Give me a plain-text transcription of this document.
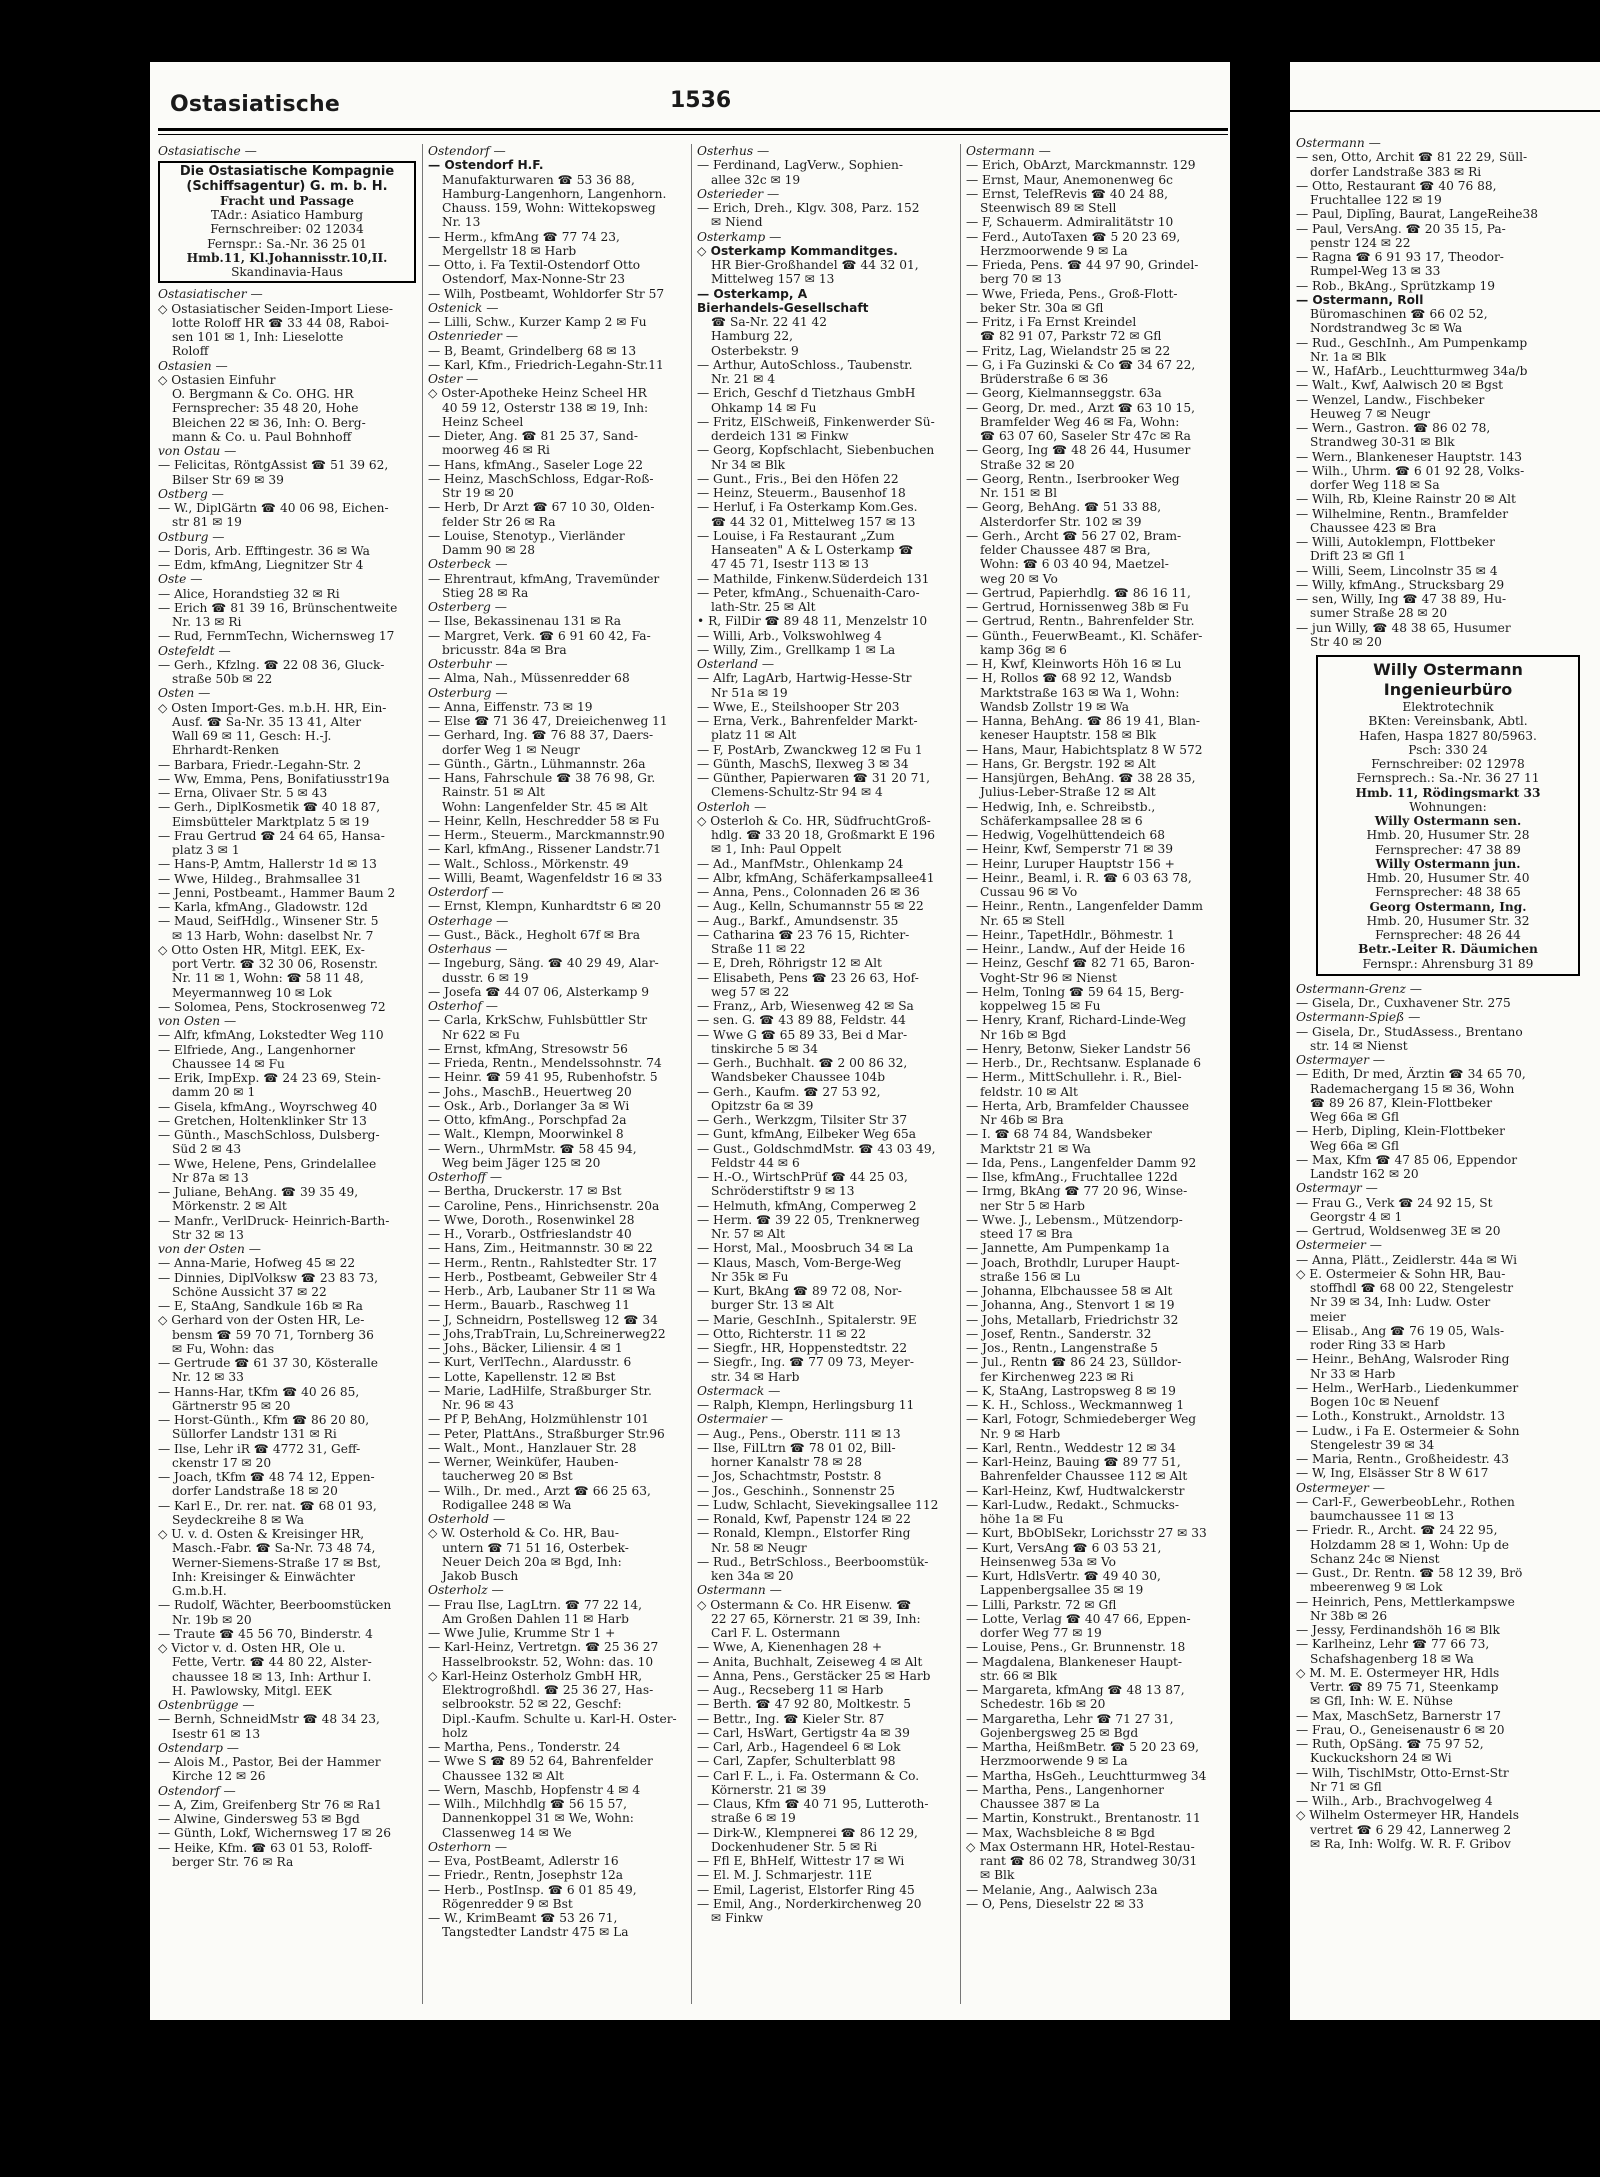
Ostasiatische	1536
Ostasiatische —
Die Ostasiatische Kompagnie
(Schiffsagentur) G. m. b. H.
Fracht und Passage
TAdr.: Asiatico Hamburg
Fernschreiber: 02 12034
Fernspr.: Sa.-Nr. 36 25 01
Hmb.11, Kl.Johannisstr.10,II.
Skandinavia-Haus
Ostasiatischer —
◇ Ostasiatischer Seiden-Import Liese-
lotte Roloff HR ☎ 33 44 08, Raboi-
sen 101 ✉ 1, Inh: Lieselotte
Roloff
Ostasien —
◇ Ostasien Einfuhr
O. Bergmann & Co. OHG. HR
Fernsprecher: 35 48 20, Hohe
Bleichen 22 ✉ 36, Inh: O. Berg-
mann & Co. u. Paul Bohnhoff
von Ostau —
— Felicitas, RöntgAssist ☎ 51 39 62,
Bilser Str 69 ✉ 39
Ostberg —
— W., DiplGärtn ☎ 40 06 98, Eichen-
str 81 ✉ 19
Ostburg —
— Doris, Arb. Efftingestr. 36 ✉ Wa
— Edm, kfmAng, Liegnitzer Str 4
Oste —
— Alice, Horandstieg 32 ✉ Ri
— Erich ☎ 81 39 16, Brünschentweite
Nr. 13 ✉ Ri
— Rud, FernmTechn, Wichernsweg 17
Ostefeldt —
— Gerh., Kfzlng. ☎ 22 08 36, Gluck-
straße 50b ✉ 22
Osten —
◇ Osten Import-Ges. m.b.H. HR, Ein-
Ausf. ☎ Sa-Nr. 35 13 41, Alter
Wall 69 ✉ 11, Gesch: H.-J.
Ehrhardt-Renken
— Barbara, Friedr.-Legahn-Str. 2
— Ww, Emma, Pens, Bonifatiusstr19a
— Erna, Olivaer Str. 5 ✉ 43
— Gerh., DiplKosmetik ☎ 40 18 87,
Eimsbütteler Marktplatz 5 ✉ 19
— Frau Gertrud ☎ 24 64 65, Hansa-
platz 3 ✉ 1
— Hans-P, Amtm, Hallerstr 1d ✉ 13
— Wwe, Hildeg., Brahmsallee 31
— Jenni, Postbeamt., Hammer Baum 2
— Karla, kfmAng., Gladowstr. 12d
— Maud, SeifHdlg., Winsener Str. 5
✉ 13 Harb, Wohn: daselbst Nr. 7
◇ Otto Osten HR, Mitgl. EEK, Ex-
port Vertr. ☎ 32 30 06, Rosenstr.
Nr. 11 ✉ 1, Wohn: ☎ 58 11 48,
Meyermannweg 10 ✉ Lok
— Solomea, Pens, Stockrosenweg 72
von Osten —
— Alfr, kfmAng, Lokstedter Weg 110
— Elfriede, Ang., Langenhorner
Chaussee 14 ✉ Fu
— Erik, ImpExp. ☎ 24 23 69, Stein-
damm 20 ✉ 1
— Gisela, kfmAng., Woyrschweg 40
— Gretchen, Holtenklinker Str 13
— Günth., MaschSchloss, Dulsberg-
Süd 2 ✉ 43
— Wwe, Helene, Pens, Grindelallee
Nr 87a ✉ 13
— Juliane, BehAng. ☎ 39 35 49,
Mörkenstr. 2 ✉ Alt
— Manfr., VerlDruck- Heinrich-Barth-
Str 32 ✉ 13
von der Osten —
— Anna-Marie, Hofweg 45 ✉ 22
— Dinnies, DiplVolksw ☎ 23 83 73,
Schöne Aussicht 37 ✉ 22
— E, StaAng, Sandkule 16b ✉ Ra
◇ Gerhard von der Osten HR, Le-
bensm ☎ 59 70 71, Tornberg 36
✉ Fu, Wohn: das
— Gertrude ☎ 61 37 30, Kösteralle
Nr. 12 ✉ 33
— Hanns-Har, tKfm ☎ 40 26 85,
Gärtnerstr 95 ✉ 20
— Horst-Günth., Kfm ☎ 86 20 80,
Süllorfer Landstr 131 ✉ Ri
— Ilse, Lehr iR ☎ 4772 31, Geff-
ckenstr 17 ✉ 20
— Joach, tKfm ☎ 48 74 12, Eppen-
dorfer Landstraße 18 ✉ 20
— Karl E., Dr. rer. nat. ☎ 68 01 93,
Seydeckreihe 8 ✉ Wa
◇ U. v. d. Osten & Kreisinger HR,
Masch.-Fabr. ☎ Sa-Nr. 73 48 74,
Werner-Siemens-Straße 17 ✉ Bst,
Inh: Kreisinger & Einwächter
G.m.b.H.
— Rudolf, Wächter, Beerboomstücken
Nr. 19b ✉ 20
— Traute ☎ 45 56 70, Binderstr. 4
◇ Victor v. d. Osten HR, Ole u.
Fette, Vertr. ☎ 44 80 22, Alster-
chaussee 18 ✉ 13, Inh: Arthur I.
H. Pawlowsky, Mitgl. EEK
Ostenbrügge —
— Bernh, SchneidMstr ☎ 48 34 23,
Isestr 61 ✉ 13
Ostendarp —
— Alois M., Pastor, Bei der Hammer
Kirche 12 ✉ 26
Ostendorf —
— A, Zim, Greifenberg Str 76 ✉ Ra1
— Alwine, Gindersweg 53 ✉ Bgd
— Günth, Lokf, Wichernsweg 17 ✉ 26
— Heike, Kfm. ☎ 63 01 53, Roloff-
berger Str. 76 ✉ Ra
Ostendorf —
— Ostendorf H.F.
Manufakturwaren ☎ 53 36 88,
Hamburg-Langenhorn, Langenhorn.
Chauss. 159, Wohn: Wittekopsweg
Nr. 13
— Herm., kfmAng ☎ 77 74 23,
Mergellstr 18 ✉ Harb
— Otto, i. Fa Textil-Ostendorf Otto
Ostendorf, Max-Nonne-Str 23
— Wilh, Postbeamt, Wohldorfer Str 57
Ostenick —
— Lilli, Schw., Kurzer Kamp 2 ✉ Fu
Ostenrieder —
— B, Beamt, Grindelberg 68 ✉ 13
— Karl, Kfm., Friedrich-Legahn-Str.11
Oster —
◇ Oster-Apotheke Heinz Scheel HR
40 59 12, Osterstr 138 ✉ 19, Inh:
Heinz Scheel
— Dieter, Ang. ☎ 81 25 37, Sand-
moorweg 46 ✉ Ri
— Hans, kfmAng., Saseler Loge 22
— Heinz, MaschSchloss, Edgar-Roß-
Str 19 ✉ 20
— Herb, Dr Arzt ☎ 67 10 30, Olden-
felder Str 26 ✉ Ra
— Louise, Stenotyp., Vierländer
Damm 90 ✉ 28
Osterbeck —
— Ehrentraut, kfmAng, Travemünder
Stieg 28 ✉ Ra
Osterberg —
— Ilse, Bekassinenau 131 ✉ Ra
— Margret, Verk. ☎ 6 91 60 42, Fa-
bricusstr. 84a ✉ Bra
Osterbuhr —
— Alma, Nah., Müssenredder 68
Osterburg —
— Anna, Eiffenstr. 73 ✉ 19
— Else ☎ 71 36 47, Dreieichenweg 11
— Gerhard, Ing. ☎ 76 88 37, Daers-
dorfer Weg 1 ✉ Neugr
— Günth., Gärtn., Lühmannstr. 26a
— Hans, Fahrschule ☎ 38 76 98, Gr.
Rainstr. 51 ✉ Alt
Wohn: Langenfelder Str. 45 ✉ Alt
— Heinr, Kelln, Heschredder 58 ✉ Fu
— Herm., Steuerm., Marckmannstr.90
— Karl, kfmAng., Rissener Landstr.71
— Walt., Schloss., Mörkenstr. 49
— Willi, Beamt, Wagenfeldstr 16 ✉ 33
Osterdorf —
— Ernst, Klempn, Kunhardtstr 6 ✉ 20
Osterhage —
— Gust., Bäck., Hegholt 67f ✉ Bra
Osterhaus —
— Ingeburg, Säng. ☎ 40 29 49, Alar-
dusstr. 6 ✉ 19
— Josefa ☎ 44 07 06, Alsterkamp 9
Osterhof —
— Carla, KrkSchw, Fuhlsbüttler Str
Nr 622 ✉ Fu
— Ernst, kfmAng, Stresowstr 56
— Frieda, Rentn., Mendelssohnstr. 74
— Heinr. ☎ 59 41 95, Rubenhofstr. 5
— Johs., MaschB., Heuertweg 20
— Osk., Arb., Dorlanger 3a ✉ Wi
— Otto, kfmAng., Porschpfad 2a
— Walt., Klempn, Moorwinkel 8
— Wern., UhrmMstr. ☎ 58 45 94,
Weg beim Jäger 125 ✉ 20
Osterhoff —
— Bertha, Druckerstr. 17 ✉ Bst
— Caroline, Pens., Hinrichsenstr. 20a
— Wwe, Doroth., Rosenwinkel 28
— H., Vorarb., Ostfrieslandstr 40
— Hans, Zim., Heitmannstr. 30 ✉ 22
— Herm., Rentn., Rahlstedter Str. 17
— Herb., Postbeamt, Gebweiler Str 4
— Herb., Arb, Laubaner Str 11 ✉ Wa
— Herm., Bauarb., Raschweg 11
— J, Schneidrn, Postellsweg 12 ☎ 34
— Johs,TrabTrain, Lu,Schreinerweg22
— Johs., Bäcker, Liliensir. 4 ✉ 1
— Kurt, VerlTechn., Alardusstr. 6
— Lotte, Kapellenstr. 12 ✉ Bst
— Marie, LadHilfe, Straßburger Str.
Nr. 96 ✉ 43
— Pf P, BehAng, Holzmühlenstr 101
— Peter, PlattAns., Straßburger Str.96
— Walt., Mont., Hanzlauer Str. 28
— Werner, Weinküfer, Hauben-
taucherweg 20 ✉ Bst
— Wilh., Dr. med., Arzt ☎ 66 25 63,
Rodigallee 248 ✉ Wa
Osterhold —
◇ W. Osterhold & Co. HR, Bau-
untern ☎ 71 51 16, Osterbek-
Neuer Deich 20a ✉ Bgd, Inh:
Jakob Busch
Osterholz —
— Frau Ilse, LagLtrn. ☎ 77 22 14,
Am Großen Dahlen 11 ✉ Harb
— Wwe Julie, Krumme Str 1 +
— Karl-Heinz, Vertretgn. ☎ 25 36 27
Hasselbrookstr. 52, Wohn: das. 10
◇ Karl-Heinz Osterholz GmbH HR,
Elektrogroßhdl. ☎ 25 36 27, Has-
selbrookstr. 52 ✉ 22, Geschf:
Dipl.-Kaufm. Schulte u. Karl-H. Oster-
holz
— Martha, Pens., Tonderstr. 24
— Wwe S ☎ 89 52 64, Bahrenfelder
Chaussee 132 ✉ Alt
— Wern, Maschb, Hopfenstr 4 ✉ 4
— Wilh., Milchhdlg ☎ 56 15 57,
Dannenkoppel 31 ✉ We, Wohn:
Classenweg 14 ✉ We
Osterhorn —
— Eva, PostBeamt, Adlerstr 16
— Friedr., Rentn, Josephstr 12a
— Herb., PostInsp. ☎ 6 01 85 49,
Rögenredder 9 ✉ Bst
— W., KrimBeamt ☎ 53 26 71,
Tangstedter Landstr 475 ✉ La
Osterhus —
— Ferdinand, LagVerw., Sophien-
allee 32c ✉ 19
Osterieder —
— Erich, Dreh., Klgv. 308, Parz. 152
✉ Niend
Osterkamp —
◇ Osterkamp Kommanditges.
HR Bier-Großhandel ☎ 44 32 01,
Mittelweg 157 ✉ 13
— Osterkamp, A
Bierhandels-Gesellschaft
☎ Sa-Nr. 22 41 42
Hamburg 22,
Osterbekstr. 9
— Arthur, AutoSchloss., Taubenstr.
Nr. 21 ✉ 4
— Erich, Geschf d Tietzhaus GmbH
Ohkamp 14 ✉ Fu
— Fritz, ElSchweiß, Finkenwerder Sü-
derdeich 131 ✉ Finkw
— Georg, Kopfschlacht, Siebenbuchen
Nr 34 ✉ Blk
— Gunt., Fris., Bei den Höfen 22
— Heinz, Steuerm., Bausenhof 18
— Herluf, i Fa Osterkamp Kom.Ges.
☎ 44 32 01, Mittelweg 157 ✉ 13
— Louise, i Fa Restaurant „Zum
Hanseaten" A & L Osterkamp ☎
47 45 71, Isestr 113 ✉ 13
— Mathilde, Finkenw.Süderdeich 131
— Peter, kfmAng., Schuenaith-Caro-
lath-Str. 25 ✉ Alt
• R, FilDir ☎ 89 48 11, Menzelstr 10
— Willi, Arb., Volkswohlweg 4
— Willy, Zim., Grellkamp 1 ✉ La
Osterland —
— Alfr, LagArb, Hartwig-Hesse-Str
Nr 51a ✉ 19
— Wwe, E., Steilshooper Str 203
— Erna, Verk., Bahrenfelder Markt-
platz 11 ✉ Alt
— F, PostArb, Zwanckweg 12 ✉ Fu 1
— Günth, MaschS, Ilexweg 3 ✉ 34
— Günther, Papierwaren ☎ 31 20 71,
Clemens-Schultz-Str 94 ✉ 4
Osterloh —
◇ Osterloh & Co. HR, SüdfruchtGroß-
hdlg. ☎ 33 20 18, Großmarkt E 196
✉ 1, Inh: Paul Oppelt
— Ad., ManfMstr., Ohlenkamp 24
— Albr, kfmAng, Schäferkampsallee41
— Anna, Pens., Colonnaden 26 ✉ 36
— Aug., Kelln, Schumannstr 55 ✉ 22
— Aug., Barkf., Amundsenstr. 35
— Catharina ☎ 23 76 15, Richter-
Straße 11 ✉ 22
— E, Dreh, Röhrigstr 12 ✉ Alt
— Elisabeth, Pens ☎ 23 26 63, Hof-
weg 57 ✉ 22
— Franz,, Arb, Wiesenweg 42 ✉ Sa
— sen. G. ☎ 43 89 88, Feldstr. 44
— Wwe G ☎ 65 89 33, Bei d Mar-
tinskirche 5 ✉ 34
— Gerh., Buchhalt. ☎ 2 00 86 32,
Wandsbeker Chaussee 104b
— Gerh., Kaufm. ☎ 27 53 92,
Opitzstr 6a ✉ 39
— Gerh., Werkzgm, Tilsiter Str 37
— Gunt, kfmAng, Eilbeker Weg 65a
— Gust., GoldschmdMstr. ☎ 43 03 49,
Feldstr 44 ✉ 6
— H.-O., WirtschPrüf ☎ 44 25 03,
Schröderstiftstr 9 ✉ 13
— Helmuth, kfmAng, Comperweg 2
— Herm. ☎ 39 22 05, Trenknerweg
Nr. 57 ✉ Alt
— Horst, Mal., Moosbruch 34 ✉ La
— Klaus, Masch, Vom-Berge-Weg
Nr 35k ✉ Fu
— Kurt, BkAng ☎ 89 72 08, Nor-
burger Str. 13 ✉ Alt
— Marie, GeschInh., Spitalerstr. 9E
— Otto, Richterstr. 11 ✉ 22
— Siegfr., HR, Hoppenstedtstr. 22
— Siegfr., Ing. ☎ 77 09 73, Meyer-
str. 34 ✉ Harb
Ostermack —
— Ralph, Klempn, Herlingsburg 11
Ostermaier —
— Aug., Pens., Oberstr. 111 ✉ 13
— Ilse, FilLtrn ☎ 78 01 02, Bill-
horner Kanalstr 78 ✉ 28
— Jos, Schachtmstr, Poststr. 8
— Jos., Geschinh., Sonnenstr 25
— Ludw, Schlacht, Sievekingsallee 112
— Ronald, Kwf, Papenstr 124 ✉ 22
— Ronald, Klempn., Elstorfer Ring
Nr. 58 ✉ Neugr
— Rud., BetrSchloss., Beerboomstük-
ken 34a ✉ 20
Ostermann —
◇ Ostermann & Co. HR Eisenw. ☎
22 27 65, Körnerstr. 21 ✉ 39, Inh:
Carl F. L. Ostermann
— Wwe, A, Kienenhagen 28 +
— Anita, Buchhalt, Zeiseweg 4 ✉ Alt
— Anna, Pens., Gerstäcker 25 ✉ Harb
— Aug., Recseberg 11 ✉ Harb
— Berth. ☎ 47 92 80, Moltkestr. 5
— Bettr., Ing. ☎ Kieler Str. 87
— Carl, HsWart, Gertigstr 4a ✉ 39
— Carl, Arb., Hagendeel 6 ✉ Lok
— Carl, Zapfer, Schulterblatt 98
— Carl F. L., i. Fa. Ostermann & Co.
Körnerstr. 21 ✉ 39
— Claus, Kfm ☎ 40 71 95, Lutteroth-
straße 6 ✉ 19
— Dirk-W., Klempnerei ☎ 86 12 29,
Dockenhudener Str. 5 ✉ Ri
— Ffl E, BhHelf, Wittestr 17 ✉ Wi
— El. M. J. Schmarjestr. 11E
— Emil, Lagerist, Elstorfer Ring 45
— Emil, Ang., Norderkirchenweg 20
✉ Finkw
Ostermann —
— Erich, ObArzt, Marckmannstr. 129
— Ernst, Maur, Anemonenweg 6c
— Ernst, TelefRevis ☎ 40 24 88,
Steenwisch 89 ✉ Stell
— F, Schauerm. Admiralitätstr 10
— Ferd., AutoTaxen ☎ 5 20 23 69,
Herzmoorwende 9 ✉ La
— Frieda, Pens. ☎ 44 97 90, Grindel-
berg 70 ✉ 13
— Wwe, Frieda, Pens., Groß-Flott-
beker Str. 30a ✉ Gfl
— Fritz, i Fa Ernst Kreindel
☎ 82 91 07, Parkstr 72 ✉ Gfl
— Fritz, Lag, Wielandstr 25 ✉ 22
— G, i Fa Guzinski & Co ☎ 34 67 22,
Brüderstraße 6 ✉ 36
— Georg, Kielmannseggstr. 63a
— Georg, Dr. med., Arzt ☎ 63 10 15,
Bramfelder Weg 46 ✉ Fa, Wohn:
☎ 63 07 60, Saseler Str 47c ✉ Ra
— Georg, Ing ☎ 48 26 44, Husumer
Straße 32 ✉ 20
— Georg, Rentn., Iserbrooker Weg
Nr. 151 ✉ Bl
— Georg, BehAng. ☎ 51 33 88,
Alsterdorfer Str. 102 ✉ 39
— Gerh., Archt ☎ 56 27 02, Bram-
felder Chaussee 487 ✉ Bra,
Wohn: ☎ 6 03 40 94, Maetzel-
weg 20 ✉ Vo
— Gertrud, Papierhdlg. ☎ 86 16 11,
— Gertrud, Hornissenweg 38b ✉ Fu
— Gertrud, Rentn., Bahrenfelder Str.
— Günth., FeuerwBeamt., Kl. Schäfer-
kamp 36g ✉ 6
— H, Kwf, Kleinworts Höh 16 ✉ Lu
— H, Rollos ☎ 68 92 12, Wandsb
Marktstraße 163 ✉ Wa 1, Wohn:
Wandsb Zollstr 19 ✉ Wa
— Hanna, BehAng. ☎ 86 19 41, Blan-
keneser Hauptstr. 158 ✉ Blk
— Hans, Maur, Habichtsplatz 8 W 572
— Hans, Gr. Bergstr. 192 ✉ Alt
— Hansjürgen, BehAng. ☎ 38 28 35,
Julius-Leber-Straße 12 ✉ Alt
— Hedwig, Inh, e. Schreibstb.,
Schäferkampsallee 28 ✉ 6
— Hedwig, Vogelhüttendeich 68
— Heinr, Kwf, Semperstr 71 ✉ 39
— Heinr, Luruper Hauptstr 156 +
— Heinr., Beaml, i. R. ☎ 6 03 63 78,
Cussau 96 ✉ Vo
— Heinr., Rentn., Langenfelder Damm
Nr. 65 ✉ Stell
— Heinr., TapetHdlr., Böhmestr. 1
— Heinr., Landw., Auf der Heide 16
— Heinz, Geschf ☎ 82 71 65, Baron-
Voght-Str 96 ✉ Nienst
— Helm, Tonlng ☎ 59 64 15, Berg-
koppelweg 15 ✉ Fu
— Henry, Kranf, Richard-Linde-Weg
Nr 16b ✉ Bgd
— Henry, Betonw, Sieker Landstr 56
— Herb., Dr., Rechtsanw. Esplanade 6
— Herm., MittSchullehr. i. R., Biel-
feldstr. 10 ✉ Alt
— Herta, Arb, Bramfelder Chaussee
Nr 46b ✉ Bra
— I. ☎ 68 74 84, Wandsbeker
Marktstr 21 ✉ Wa
— Ida, Pens., Langenfelder Damm 92
— Ilse, kfmAng., Fruchtallee 122d
— Irmg, BkAng ☎ 77 20 96, Winse-
ner Str 5 ✉ Harb
— Wwe. J., Lebensm., Mützendorp-
steed 17 ✉ Bra
— Jannette, Am Pumpenkamp 1a
— Joach, Brothdlr, Luruper Haupt-
straße 156 ✉ Lu
— Johanna, Elbchaussee 58 ✉ Alt
— Johanna, Ang., Stenvort 1 ✉ 19
— Johs, Metallarb, Friedrichstr 32
— Josef, Rentn., Sanderstr. 32
— Jos., Rentn., Langenstraße 5
— Jul., Rentn ☎ 86 24 23, Sülldor-
fer Kirchenweg 223 ✉ Ri
— K, StaAng, Lastropsweg 8 ✉ 19
— K. H., Schloss., Weckmannweg 1
— Karl, Fotogr, Schmiedeberger Weg
Nr. 9 ✉ Harb
— Karl, Rentn., Weddestr 12 ✉ 34
— Karl-Heinz, Bauing ☎ 89 77 51,
Bahrenfelder Chaussee 112 ✉ Alt
— Karl-Heinz, Kwf, Hudtwalckerstr
— Karl-Ludw., Redakt., Schmucks-
höhe 1a ✉ Fu
— Kurt, BbOblSekr, Lorichsstr 27 ✉ 33
— Kurt, VersAng ☎ 6 03 53 21,
Heinsenweg 53a ✉ Vo
— Kurt, HdlsVertr. ☎ 49 40 30,
Lappenbergsallee 35 ✉ 19
— Lilli, Parkstr. 72 ✉ Gfl
— Lotte, Verlag ☎ 40 47 66, Eppen-
dorfer Weg 77 ✉ 19
— Louise, Pens., Gr. Brunnenstr. 18
— Magdalena, Blankeneser Haupt-
str. 66 ✉ Blk
— Margareta, kfmAng ☎ 48 13 87,
Schedestr. 16b ✉ 20
— Margaretha, Lehr ☎ 71 27 31,
Gojenbergsweg 25 ✉ Bgd
— Martha, HeißmBetr. ☎ 5 20 23 69,
Herzmoorwende 9 ✉ La
— Martha, HsGeh., Leuchtturmweg 34
— Martha, Pens., Langenhorner
Chaussee 387 ✉ La
— Martin, Konstrukt., Brentanostr. 11
— Max, Wachsbleiche 8 ✉ Bgd
◇ Max Ostermann HR, Hotel-Restau-
rant ☎ 86 02 78, Strandweg 30/31
✉ Blk
— Melanie, Ang., Aalwisch 23a
— O, Pens, Dieselstr 22 ✉ 33
Ostermann —
— sen, Otto, Archit ☎ 81 22 29, Süll-
dorfer Landstraße 383 ✉ Ri
— Otto, Restaurant ☎ 40 76 88,
Fruchtallee 122 ✉ 19
— Paul, Diplīng, Baurat, LangeReihe38
— Paul, VersAng. ☎ 20 35 15, Pa-
penstr 124 ✉ 22
— Ragna ☎ 6 91 93 17, Theodor-
Rumpel-Weg 13 ✉ 33
— Rob., BkAng., Sprützkamp 19
— Ostermann, Roll
Büromaschinen ☎ 66 02 52,
Nordstrandweg 3c ✉ Wa
— Rud., GeschInh., Am Pumpenkamp
Nr. 1a ✉ Blk
— W., HafArb., Leuchtturmweg 34a/b
— Walt., Kwf, Aalwisch 20 ✉ Bgst
— Wenzel, Landw., Fischbeker
Heuweg 7 ✉ Neugr
— Wern., Gastron. ☎ 86 02 78,
Strandweg 30-31 ✉ Blk
— Wern., Blankeneser Hauptstr. 143
— Wilh., Uhrm. ☎ 6 01 92 28, Volks-
dorfer Weg 118 ✉ Sa
— Wilh, Rb, Kleine Rainstr 20 ✉ Alt
— Wilhelmine, Rentn., Bramfelder
Chaussee 423 ✉ Bra
— Willi, Autoklempn, Flottbeker
Drift 23 ✉ Gfl 1
— Willi, Seem, Lincolnstr 35 ✉ 4
— Willy, kfmAng., Strucksbarg 29
— sen, Willy, Ing ☎ 47 38 89, Hu-
sumer Straße 28 ✉ 20
— jun Willy, ☎ 48 38 65, Husumer
Str 40 ✉ 20
Willy Ostermann
Ingenieurbüro
Elektrotechnik
BKten: Vereinsbank, Abtl.
Hafen, Haspa 1827 80/5963.
Psch: 330 24
Fernschreiber: 02 12978
Fernsprech.: Sa.-Nr. 36 27 11
Hmb. 11, Rödingsmarkt 33
Wohnungen:
Willy Ostermann sen.
Hmb. 20, Husumer Str. 28
Fernsprecher: 47 38 89
Willy Ostermann jun.
Hmb. 20, Husumer Str. 40
Fernsprecher: 48 38 65
Georg Ostermann, Ing.
Hmb. 20, Husumer Str. 32
Fernsprecher: 48 26 44
Betr.-Leiter R. Däumichen
Fernspr.: Ahrensburg 31 89
Ostermann-Grenz —
— Gisela, Dr., Cuxhavener Str. 275
Ostermann-Spieß —
— Gisela, Dr., StudAssess., Brentano
str. 14 ✉ Nienst
Ostermayer —
— Edith, Dr med, Ärztin ☎ 34 65 70,
Rademachergang 15 ✉ 36, Wohn
☎ 89 26 87, Klein-Flottbeker
Weg 66a ✉ Gfl
— Herb, Dipling, Klein-Flottbeker
Weg 66a ✉ Gfl
— Max, Kfm ☎ 47 85 06, Eppendor
Landstr 162 ✉ 20
Ostermayr —
— Frau G., Verk ☎ 24 92 15, St
Georgstr 4 ✉ 1
— Gertrud, Woldsenweg 3E ✉ 20
Ostermeier —
— Anna, Plätt., Zeidlerstr. 44a ✉ Wi
◇ E. Ostermeier & Sohn HR, Bau-
stoffhdl ☎ 68 00 22, Stengelestr
Nr 39 ✉ 34, Inh: Ludw. Oster
meier
— Elisab., Ang ☎ 76 19 05, Wals-
roder Ring 33 ✉ Harb
— Heinr., BehAng, Walsroder Ring
Nr 33 ✉ Harb
— Helm., WerHarb., Liedenkummer
Bogen 10c ✉ Neuenf
— Loth., Konstrukt., Arnoldstr. 13
— Ludw., i Fa E. Ostermeier & Sohn
Stengelestr 39 ✉ 34
— Maria, Rentn., Großheidestr. 43
— W, Ing, Elsässer Str 8 W 617
Ostermeyer —
— Carl-F., GewerbeobLehr., Rothen
baumchaussee 11 ✉ 13
— Friedr. R., Archt. ☎ 24 22 95,
Holzdamm 28 ✉ 1, Wohn: Up de
Schanz 24c ✉ Nienst
— Gust., Dr. Rentn. ☎ 58 12 39, Brö
mbeerenweg 9 ✉ Lok
— Heinrich, Pens, Mettlerkampswe
Nr 38b ✉ 26
— Jessy, Ferdinandshöh 16 ✉ Blk
— Karlheinz, Lehr ☎ 77 66 73,
Schafshagenberg 18 ✉ Wa
◇ M. M. E. Ostermeyer HR, Hdls
Vertr. ☎ 89 75 71, Steenkamp
✉ Gfl, Inh: W. E. Nühse
— Max, MaschSetz, Barnerstr 17
— Frau, O., Geneisenaustr 6 ✉ 20
— Ruth, OpSäng. ☎ 75 97 52,
Kuckuckshorn 24 ✉ Wi
— Wilh, TischlMstr, Otto-Ernst-Str
Nr 71 ✉ Gfl
— Wilh., Arb., Brachvogelweg 4
◇ Wilhelm Ostermeyer HR, Handels
vertret ☎ 6 29 42, Lannerweg 2
✉ Ra, Inh: Wolfg. W. R. F. Gribov
